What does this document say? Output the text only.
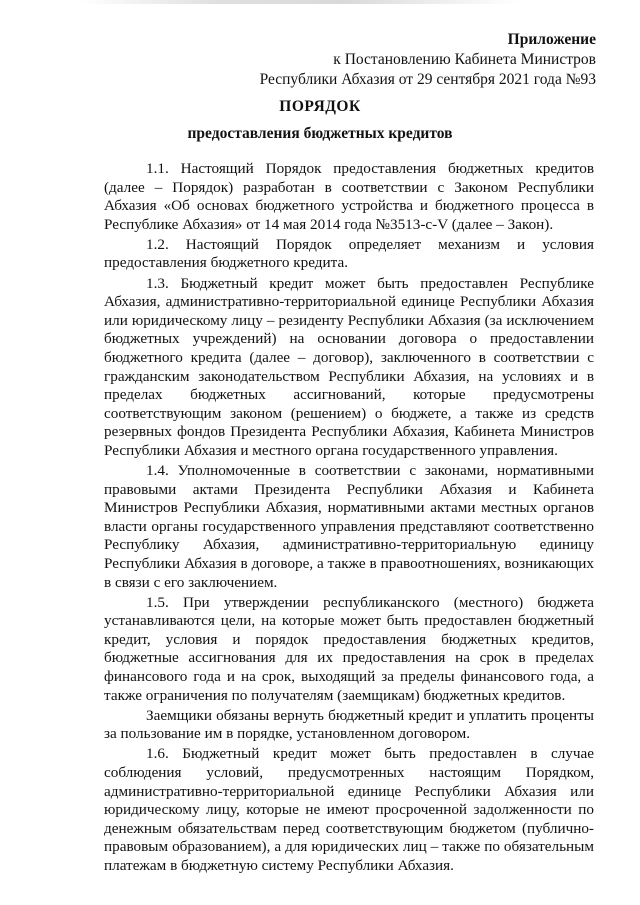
Приложение
к Постановлению Кабинета Министров
Республики Абхазия от 29 сентября 2021 года №93
ПОРЯДОК
предоставления бюджетных кредитов

1.1. Настоящий Порядок предоставления бюджетных кредитов (далее – Порядок) разработан в соответствии с Законом Республики Абхазия «Об основах бюджетного устройства и бюджетного процесса в Республике Абхазия» от 14 мая 2014 года №3513-с-V (далее – Закон).

1.2. Настоящий Порядок определяет механизм и условия предоставления бюджетного кредита.

1.3. Бюджетный кредит может быть предоставлен Республике Абхазия, административно-территориальной единице Республики Абхазия или юридическому лицу – резиденту Республики Абхазия (за исключением бюджетных учреждений) на основании договора о предоставлении бюджетного кредита (далее – договор), заключенного в соответствии с гражданским законодательством Республики Абхазия, на условиях и в пределах бюджетных ассигнований, которые предусмотрены соответствующим законом (решением) о бюджете, а также из средств резервных фондов Президента Республики Абхазия, Кабинета Министров Республики Абхазия и местного органа государственного управления.

1.4. Уполномоченные в соответствии с законами, нормативными правовыми актами Президента Республики Абхазия и Кабинета Министров Республики Абхазия, нормативными актами местных органов власти органы государственного управления представляют соответственно Республику Абхазия, административно-территориальную единицу Республики Абхазия в договоре, а также в правоотношениях, возникающих в связи с его заключением.

1.5. При утверждении республиканского (местного) бюджета устанавливаются цели, на которые может быть предоставлен бюджетный кредит, условия и порядок предоставления бюджетных кредитов, бюджетные ассигнования для их предоставления на срок в пределах финансового года и на срок, выходящий за пределы финансового года, а также ограничения по получателям (заемщикам) бюджетных кредитов.

Заемщики обязаны вернуть бюджетный кредит и уплатить проценты за пользование им в порядке, установленном договором.

1.6. Бюджетный кредит может быть предоставлен в случае соблюдения условий, предусмотренных настоящим Порядком, административно-территориальной единице Республики Абхазия или юридическому лицу, которые не имеют просроченной задолженности по денежным обязательствам перед соответствующим бюджетом (публично-правовым образованием), а для юридических лиц – также по обязательным платежам в бюджетную систему Республики Абхазия.
